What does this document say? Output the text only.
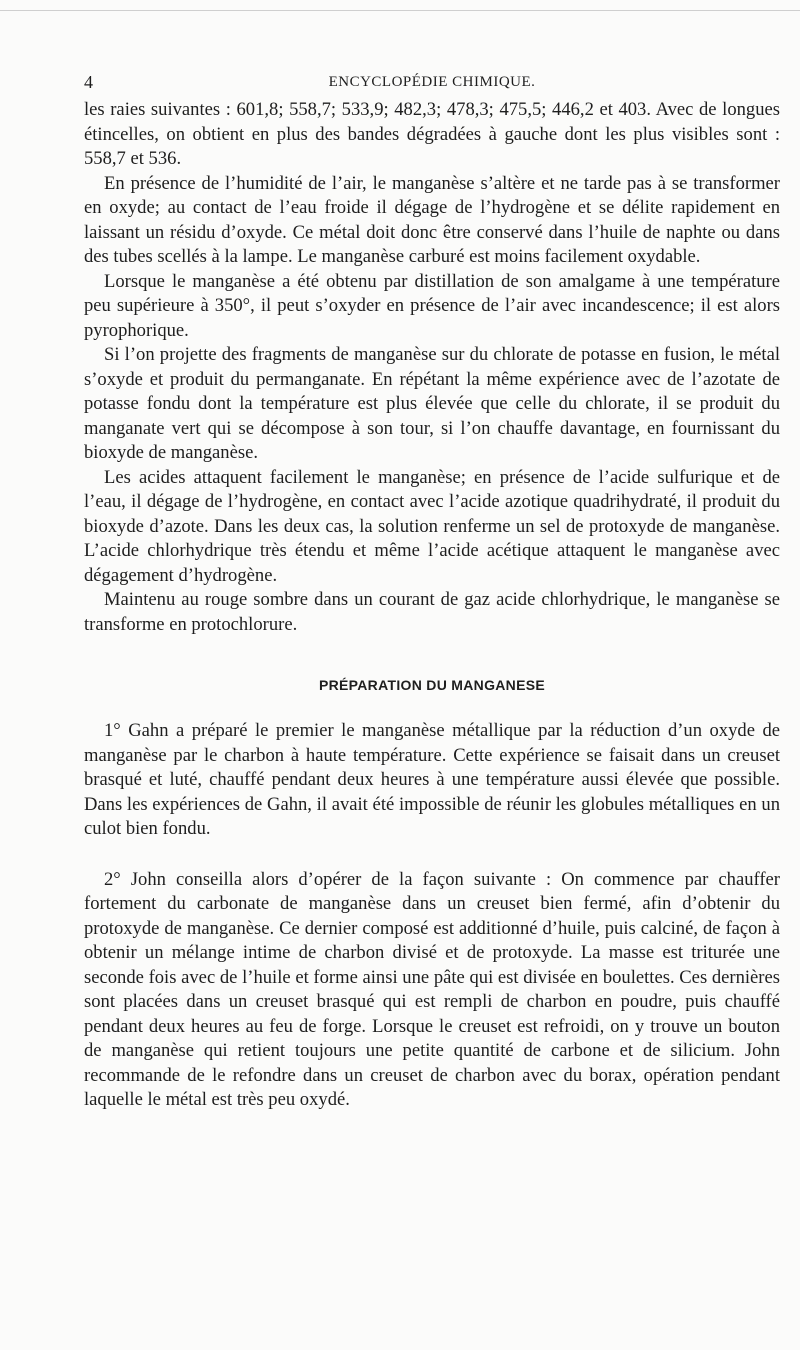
4	ENCYCLOPÉDIE CHIMIQUE.

les raies suivantes : 601,8; 558,7; 533,9; 482,3; 478,3; 475,5; 446,2 et 403. Avec de longues étincelles, on obtient en plus des bandes dégradées à gauche dont les plus visibles sont : 558,7 et 536.

En présence de l’humidité de l’air, le manganèse s’altère et ne tarde pas à se transformer en oxyde; au contact de l’eau froide il dégage de l’hydrogène et se délite rapidement en laissant un résidu d’oxyde. Ce métal doit donc être conservé dans l’huile de naphte ou dans des tubes scellés à la lampe. Le manganèse carburé est moins facilement oxydable.

Lorsque le manganèse a été obtenu par distillation de son amalgame à une température peu supérieure à 350°, il peut s’oxyder en présence de l’air avec incandescence; il est alors pyrophorique.

Si l’on projette des fragments de manganèse sur du chlorate de potasse en fusion, le métal s’oxyde et produit du permanganate. En répétant la même expérience avec de l’azotate de potasse fondu dont la température est plus élevée que celle du chlorate, il se produit du manganate vert qui se décompose à son tour, si l’on chauffe davantage, en fournissant du bioxyde de manganèse.

Les acides attaquent facilement le manganèse; en présence de l’acide sulfurique et de l’eau, il dégage de l’hydrogène, en contact avec l’acide azotique quadrihydraté, il produit du bioxyde d’azote. Dans les deux cas, la solution renferme un sel de protoxyde de manganèse. L’acide chlorhydrique très étendu et même l’acide acétique attaquent le manganèse avec dégagement d’hydrogène.

Maintenu au rouge sombre dans un courant de gaz acide chlorhydrique, le manganèse se transforme en protochlorure.

PRÉPARATION DU MANGANESE

1° Gahn a préparé le premier le manganèse métallique par la réduction d’un oxyde de manganèse par le charbon à haute température. Cette expérience se faisait dans un creuset brasqué et luté, chauffé pendant deux heures à une température aussi élevée que possible. Dans les expériences de Gahn, il avait été impossible de réunir les globules métalliques en un culot bien fondu.

2° John conseilla alors d’opérer de la façon suivante : On commence par chauffer fortement du carbonate de manganèse dans un creuset bien fermé, afin d’obtenir du protoxyde de manganèse. Ce dernier composé est additionné d’huile, puis calciné, de façon à obtenir un mélange intime de charbon divisé et de protoxyde. La masse est triturée une seconde fois avec de l’huile et forme ainsi une pâte qui est divisée en boulettes. Ces dernières sont placées dans un creuset brasqué qui est rempli de charbon en poudre, puis chauffé pendant deux heures au feu de forge. Lorsque le creuset est refroidi, on y trouve un bouton de manganèse qui retient toujours une petite quantité de carbone et de silicium. John recommande de le refondre dans un creuset de charbon avec du borax, opération pendant laquelle le métal est très peu oxydé.
